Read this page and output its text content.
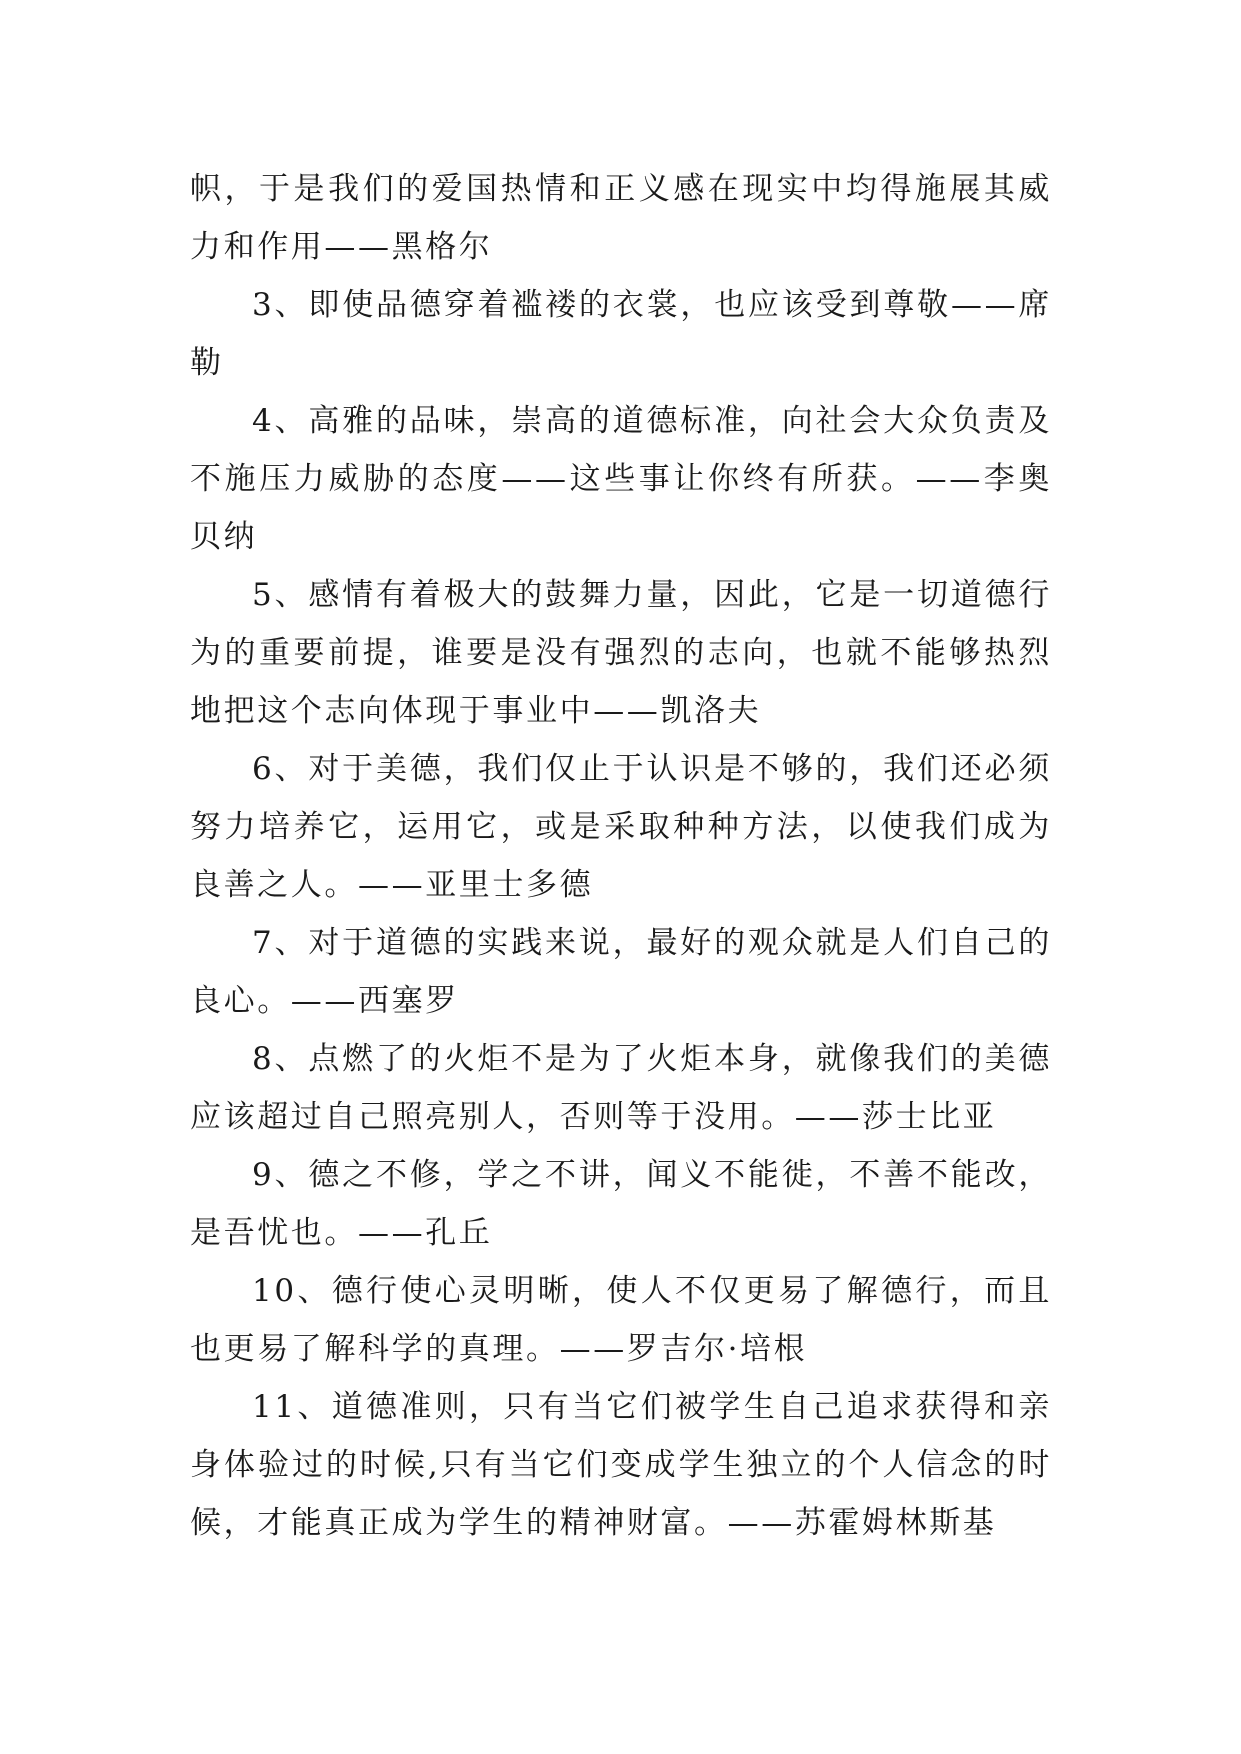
帜，于是我们的爱国热情和正义感在现实中均得施展其威力和作用——黑格尔

3、即使品德穿着褴褛的衣裳，也应该受到尊敬——席勒

4、高雅的品味，崇高的道德标准，向社会大众负责及不施压力威胁的态度——这些事让你终有所获。——李奥贝纳

5、感情有着极大的鼓舞力量，因此，它是一切道德行为的重要前提，谁要是没有强烈的志向，也就不能够热烈地把这个志向体现于事业中——凯洛夫

6、对于美德，我们仅止于认识是不够的，我们还必须努力培养它，运用它，或是采取种种方法，以使我们成为良善之人。——亚里士多德

7、对于道德的实践来说，最好的观众就是人们自己的良心。——西塞罗

8、点燃了的火炬不是为了火炬本身，就像我们的美德应该超过自己照亮别人，否则等于没用。——莎士比亚

9、德之不修，学之不讲，闻义不能徙，不善不能改，是吾忧也。——孔丘

10、德行使心灵明晰，使人不仅更易了解德行，而且也更易了解科学的真理。——罗吉尔·培根

11、道德准则，只有当它们被学生自己追求获得和亲身体验过的时候,只有当它们变成学生独立的个人信念的时候，才能真正成为学生的精神财富。——苏霍姆林斯基
